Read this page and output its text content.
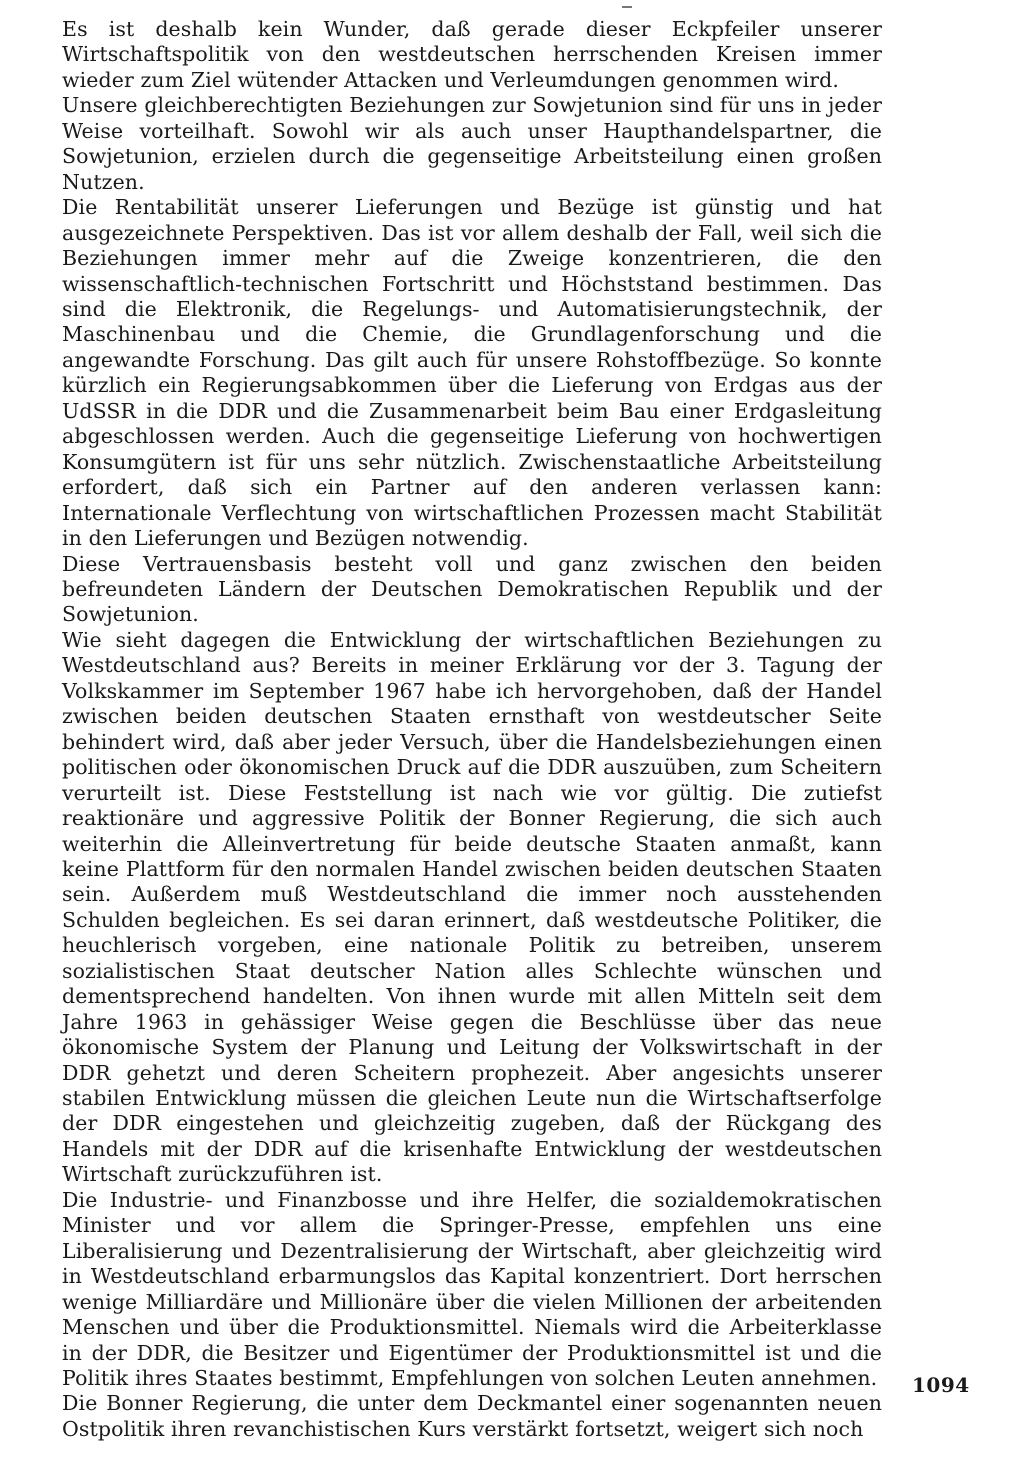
Es ist deshalb kein Wunder, daß gerade dieser Eckpfeiler unserer Wirtschaftspolitik von den westdeutschen herrschenden Kreisen immer wieder zum Ziel wütender Attacken und Verleumdungen genommen wird.

Unsere gleichberechtigten Beziehungen zur Sowjetunion sind für uns in jeder Weise vorteilhaft. Sowohl wir als auch unser Haupthandelspartner, die Sowjetunion, erzielen durch die gegenseitige Arbeitsteilung einen großen Nutzen.

Die Rentabilität unserer Lieferungen und Bezüge ist günstig und hat ausgezeichnete Perspektiven. Das ist vor allem deshalb der Fall, weil sich die Beziehungen immer mehr auf die Zweige konzentrieren, die den wissenschaftlich-technischen Fortschritt und Höchststand bestimmen. Das sind die Elektronik, die Regelungs- und Automatisierungstechnik, der Maschinenbau und die Chemie, die Grundlagenforschung und die angewandte Forschung. Das gilt auch für unsere Rohstoffbezüge. So konnte kürzlich ein Regierungsabkommen über die Lieferung von Erdgas aus der UdSSR in die DDR und die Zusammenarbeit beim Bau einer Erdgasleitung abgeschlossen werden. Auch die gegenseitige Lieferung von hochwertigen Konsumgütern ist für uns sehr nützlich. Zwischenstaatliche Arbeitsteilung erfordert, daß sich ein Partner auf den anderen verlassen kann: Internationale Verflechtung von wirtschaftlichen Prozessen macht Stabilität in den Lieferungen und Bezügen notwendig.

Diese Vertrauensbasis besteht voll und ganz zwischen den beiden befreundeten Ländern der Deutschen Demokratischen Republik und der Sowjetunion.

Wie sieht dagegen die Entwicklung der wirtschaftlichen Beziehungen zu Westdeutschland aus? Bereits in meiner Erklärung vor der 3. Tagung der Volkskammer im September 1967 habe ich hervorgehoben, daß der Handel zwischen beiden deutschen Staaten ernsthaft von westdeutscher Seite behindert wird, daß aber jeder Versuch, über die Handelsbeziehungen einen politischen oder ökonomischen Druck auf die DDR auszuüben, zum Scheitern verurteilt ist. Diese Feststellung ist nach wie vor gültig. Die zutiefst reaktionäre und aggressive Politik der Bonner Regierung, die sich auch weiterhin die Alleinvertretung für beide deutsche Staaten anmaßt, kann keine Plattform für den normalen Handel zwischen beiden deutschen Staaten sein. Außerdem muß Westdeutschland die immer noch ausstehenden Schulden begleichen. Es sei daran erinnert, daß westdeutsche Politiker, die heuchlerisch vorgeben, eine nationale Politik zu betreiben, unserem sozialistischen Staat deutscher Nation alles Schlechte wünschen und dementsprechend handelten. Von ihnen wurde mit allen Mitteln seit dem Jahre 1963 in gehässiger Weise gegen die Beschlüsse über das neue ökonomische System der Planung und Leitung der Volkswirtschaft in der DDR gehetzt und deren Scheitern prophezeit. Aber angesichts unserer stabilen Entwicklung müssen die gleichen Leute nun die Wirtschaftserfolge der DDR eingestehen und gleichzeitig zugeben, daß der Rückgang des Handels mit der DDR auf die krisenhafte Entwicklung der westdeutschen Wirtschaft zurückzuführen ist.

Die Industrie- und Finanzbosse und ihre Helfer, die sozialdemokratischen Minister und vor allem die Springer-Presse, empfehlen uns eine Liberalisierung und Dezentralisierung der Wirtschaft, aber gleichzeitig wird in Westdeutschland erbarmungslos das Kapital konzentriert. Dort herrschen wenige Milliardäre und Millionäre über die vielen Millionen der arbeitenden Menschen und über die Produktionsmittel. Niemals wird die Arbeiterklasse in der DDR, die Besitzer und Eigentümer der Produktionsmittel ist und die Politik ihres Staates bestimmt, Empfehlungen von solchen Leuten annehmen.

Die Bonner Regierung, die unter dem Deckmantel einer sogenannten neuen Ostpolitik ihren revanchistischen Kurs verstärkt fortsetzt, weigert sich noch

1094
